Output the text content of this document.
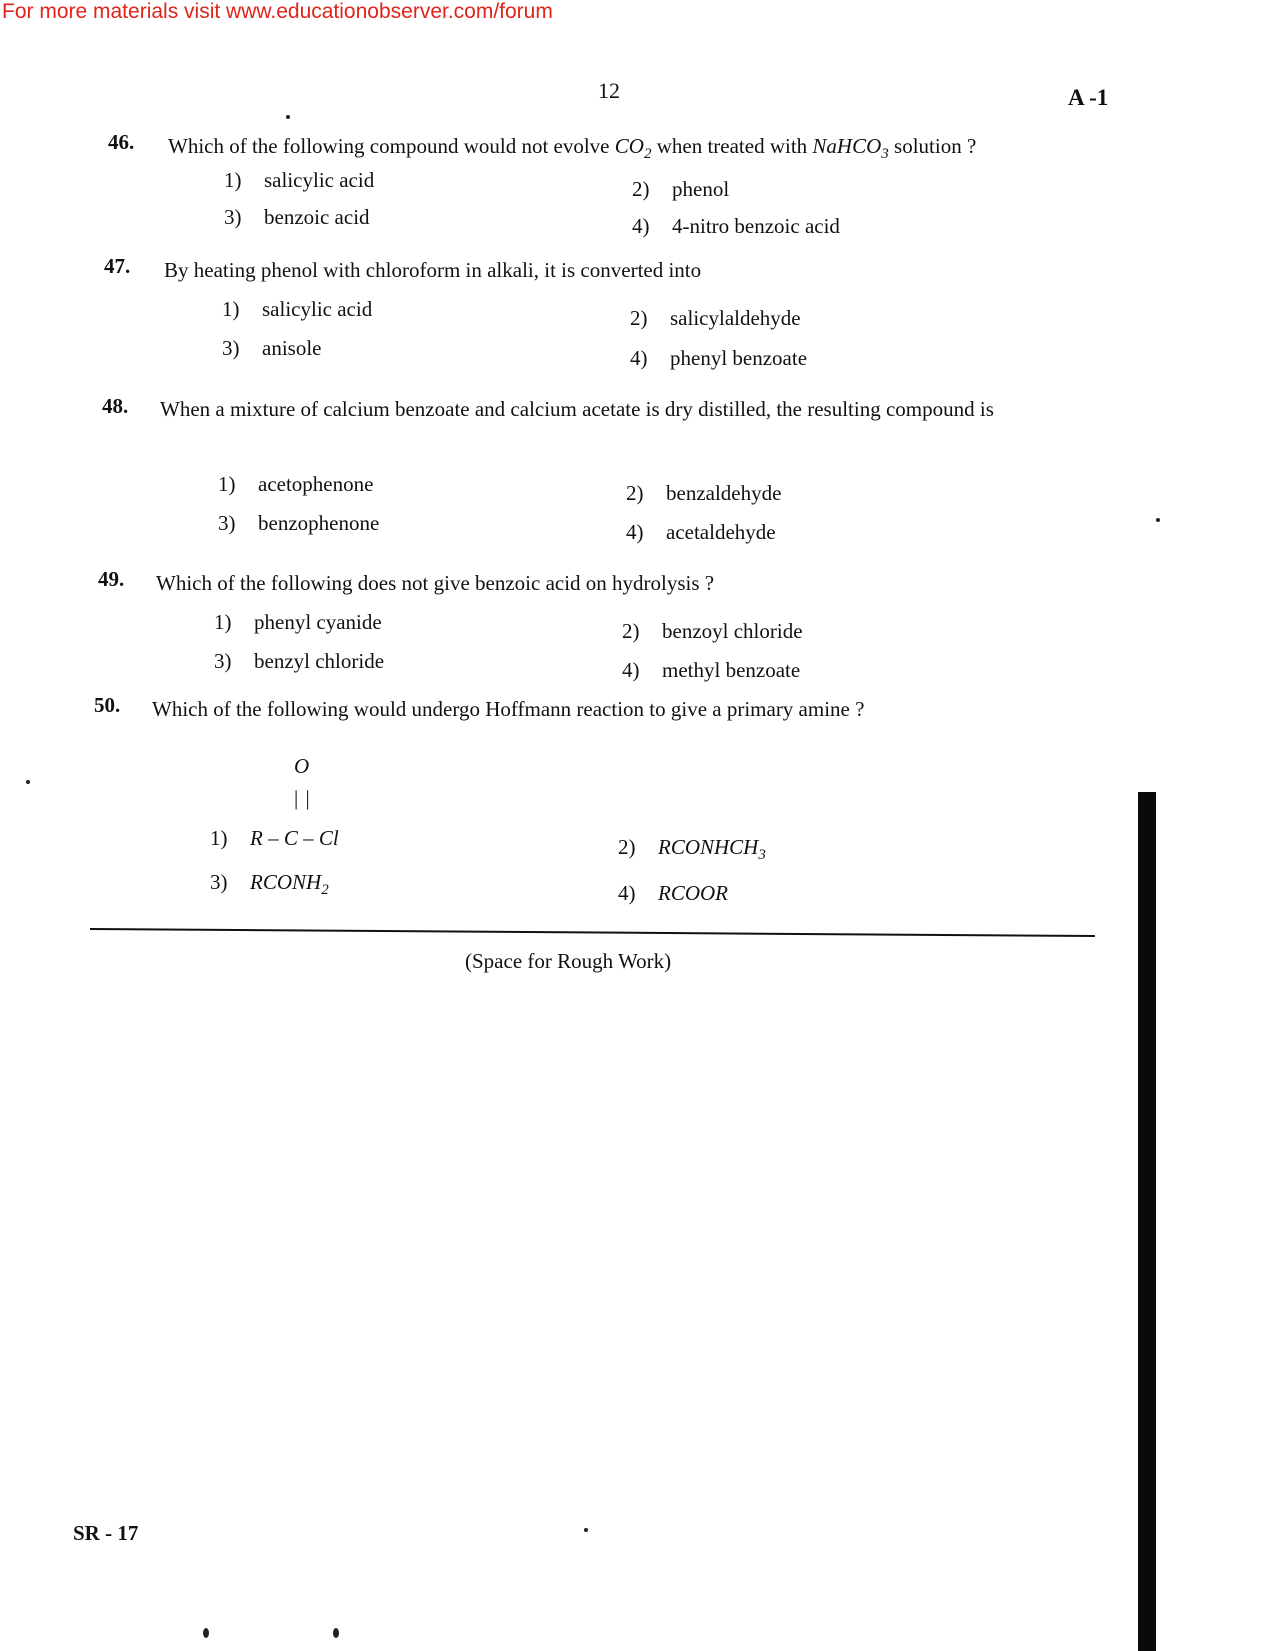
For more materials visit www.educationobserver.com/forum
12	A -1
46. Which of the following compound would not evolve $CO_2$ when treated with NaHCO$_3$ solution ?
1) salicylic acid	2) phenol
3) benzoic acid	4) 4-nitro benzoic acid
47. By heating phenol with chloroform in alkali, it is converted into
1) salicylic acid	2) salicylaldehyde
3) anisole	4) phenyl benzoate
48. When a mixture of calcium benzoate and calcium acetate is dry distilled, the resulting compound is
1) acetophenone	2) benzaldehyde
3) benzophenone	4) acetaldehyde
49. Which of the following does not give benzoic acid on hydrolysis ?
1) phenyl cyanide	2) benzoyl chloride
3) benzyl chloride	4) methyl benzoate
50. Which of the following would undergo Hoffmann reaction to give a primary amine ?
O
| |
1) R – C – Cl	2) $RCONHCH_3$
3) $RCONH_2$	4) RCOOR
(Space for Rough Work)
SR - 17
